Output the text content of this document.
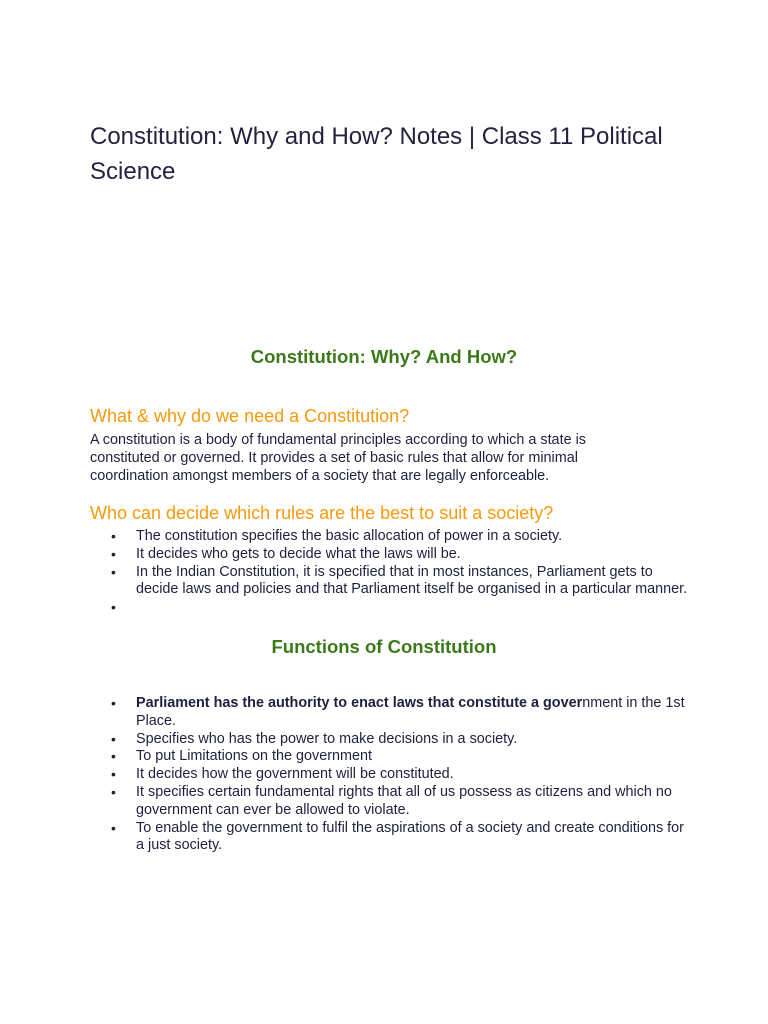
Constitution: Why and How? Notes | Class 11 Political Science
Constitution: Why? And How?
What & why do we need a Constitution?

A constitution is a body of fundamental principles according to which a state is constituted or governed. It provides a set of basic rules that allow for minimal coordination amongst members of a society that are legally enforceable.

Who can decide which rules are the best to suit a society?
• The constitution specifies the basic allocation of power in a society.
• It decides who gets to decide what the laws will be.
• In the Indian Constitution, it is specified that in most instances, Parliament gets to decide laws and policies and that Parliament itself be organised in a particular manner.
•
Functions of Constitution
• Parliament has the authority to enact laws that constitute a government in the 1st Place.
• Specifies who has the power to make decisions in a society.
• To put Limitations on the government
• It decides how the government will be constituted.
• It specifies certain fundamental rights that all of us possess as citizens and which no government can ever be allowed to violate.
• To enable the government to fulfil the aspirations of a society and create conditions for a just society.
